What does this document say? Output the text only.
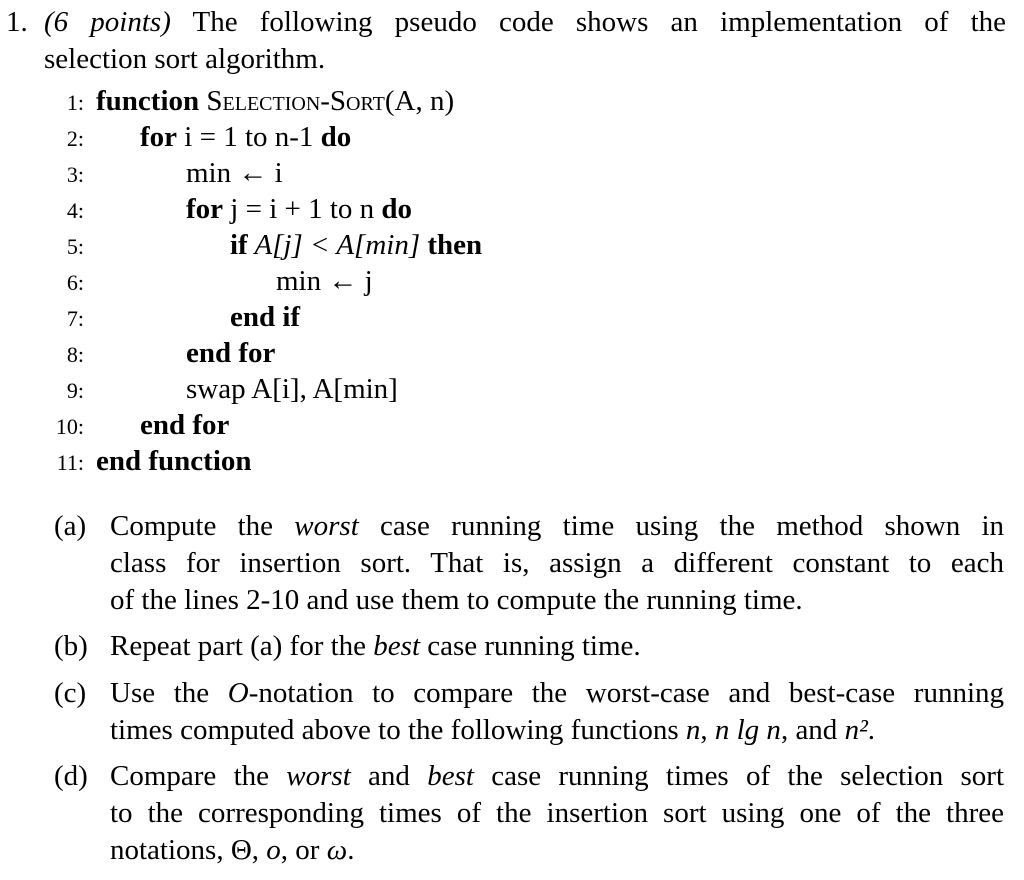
1. (6 points) The following pseudo code shows an implementation of the
selection sort algorithm.
1: function Selection-Sort(A, n)
2: for i = 1 to n-1 do
3:	min ← i
4:	for j = i + 1 to n do
5:	if A[j] < A[min] then
6:	min ← j
7:	end if
8:	end for
9:	swap A[i], A[min]
10: end for
11: end function
(a) Compute the worst case running time using the method shown in
class for insertion sort. That is, assign a different constant to each
of the lines 2-10 and use them to compute the running time.
(b) Repeat part (a) for the best case running time.
(c) Use the O-notation to compare the worst-case and best-case running
times computed above to the following functions n, n lg n, and n².
(d) Compare the worst and best case running times of the selection sort
to the corresponding times of the insertion sort using one of the three
notations, Θ, o, or ω.
